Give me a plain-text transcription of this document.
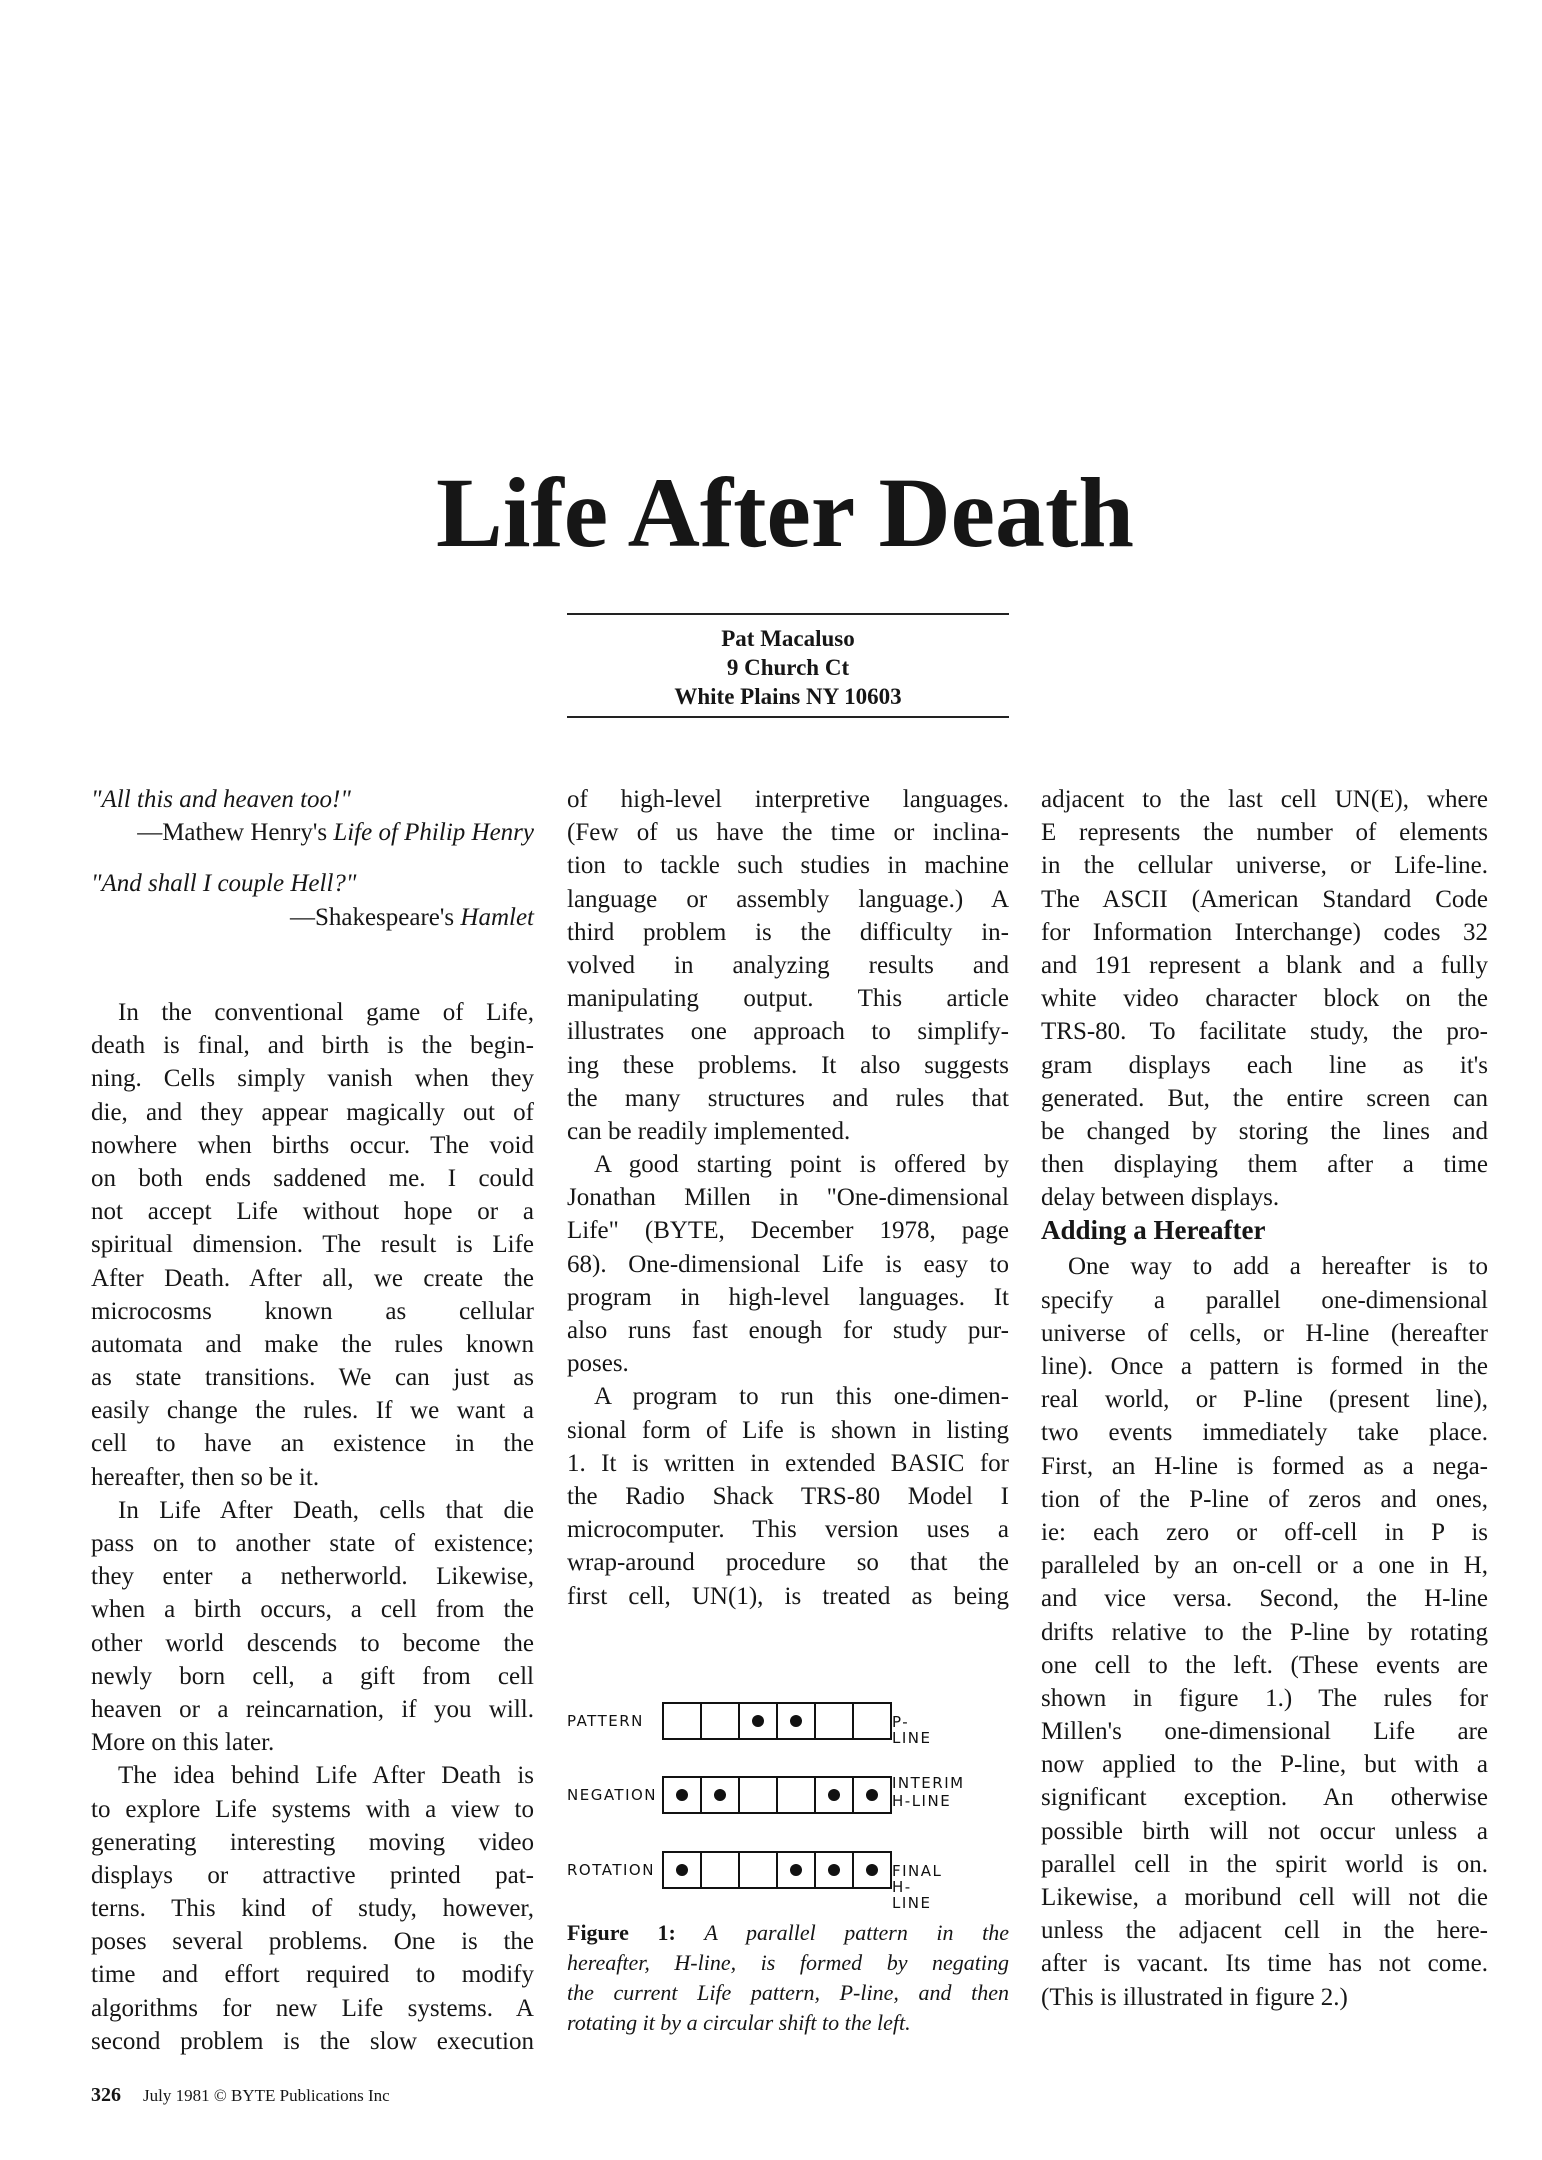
Life After Death
Pat Macaluso
9 Church Ct
White Plains NY 10603
"All this and heaven too!"
—Mathew Henry's Life of Philip Henry
"And shall I couple Hell?"
—Shakespeare's Hamlet
In the conventional game of Life,
death is final, and birth is the begin-
ning. Cells simply vanish when they
die, and they appear magically out of
nowhere when births occur. The void
on both ends saddened me. I could
not accept Life without hope or a
spiritual dimension. The result is Life
After Death. After all, we create the
microcosms known as cellular
automata and make the rules known
as state transitions. We can just as
easily change the rules. If we want a
cell to have an existence in the
hereafter, then so be it.
In Life After Death, cells that die
pass on to another state of existence;
they enter a netherworld. Likewise,
when a birth occurs, a cell from the
other world descends to become the
newly born cell, a gift from cell
heaven or a reincarnation, if you will.
More on this later.
The idea behind Life After Death is
to explore Life systems with a view to
generating interesting moving video
displays or attractive printed pat-
terns. This kind of study, however,
poses several problems. One is the
time and effort required to modify
algorithms for new Life systems. A
second problem is the slow execution
of high-level interpretive languages.
(Few of us have the time or inclina-
tion to tackle such studies in machine
language or assembly language.) A
third problem is the difficulty in-
volved in analyzing results and
manipulating output. This article
illustrates one approach to simplify-
ing these problems. It also suggests
the many structures and rules that
can be readily implemented.
A good starting point is offered by
Jonathan Millen in "One-dimensional
Life" (BYTE, December 1978, page
68). One-dimensional Life is easy to
program in high-level languages. It
also runs fast enough for study pur-
poses.
A program to run this one-dimen-
sional form of Life is shown in listing
1. It is written in extended BASIC for
the Radio Shack TRS-80 Model I
microcomputer. This version uses a
wrap-around procedure so that the
first cell, UN(1), is treated as being
adjacent to the last cell UN(E), where
E represents the number of elements
in the cellular universe, or Life-line.
The ASCII (American Standard Code
for Information Interchange) codes 32
and 191 represent a blank and a fully
white video character block on the
TRS-80. To facilitate study, the pro-
gram displays each line as it's
generated. But, the entire screen can
be changed by storing the lines and
then displaying them after a time
delay between displays.
Adding a Hereafter
One way to add a hereafter is to
specify a parallel one-dimensional
universe of cells, or H-line (hereafter
line). Once a pattern is formed in the
real world, or P-line (present line),
two events immediately take place.
First, an H-line is formed as a nega-
tion of the P-line of zeros and ones,
ie: each zero or off-cell in P is
paralleled by an on-cell or a one in H,
and vice versa. Second, the H-line
drifts relative to the P-line by rotating
one cell to the left. (These events are
shown in figure 1.) The rules for
Millen's one-dimensional Life are
now applied to the P-line, but with a
significant exception. An otherwise
possible birth will not occur unless a
parallel cell in the spirit world is on.
Likewise, a moribund cell will not die
unless the adjacent cell in the here-
after is vacant. Its time has not come.
(This is illustrated in figure 2.)
PATTERN	P-LINE
NEGATION
INTERIM
H-LINE
ROTATION	FINAL H-LINE
Figure 1: A parallel pattern in the
hereafter, H-line, is formed by negating
the current Life pattern, P-line, and then
rotating it by a circular shift to the left.
326 July 1981 © BYTE Publications Inc
